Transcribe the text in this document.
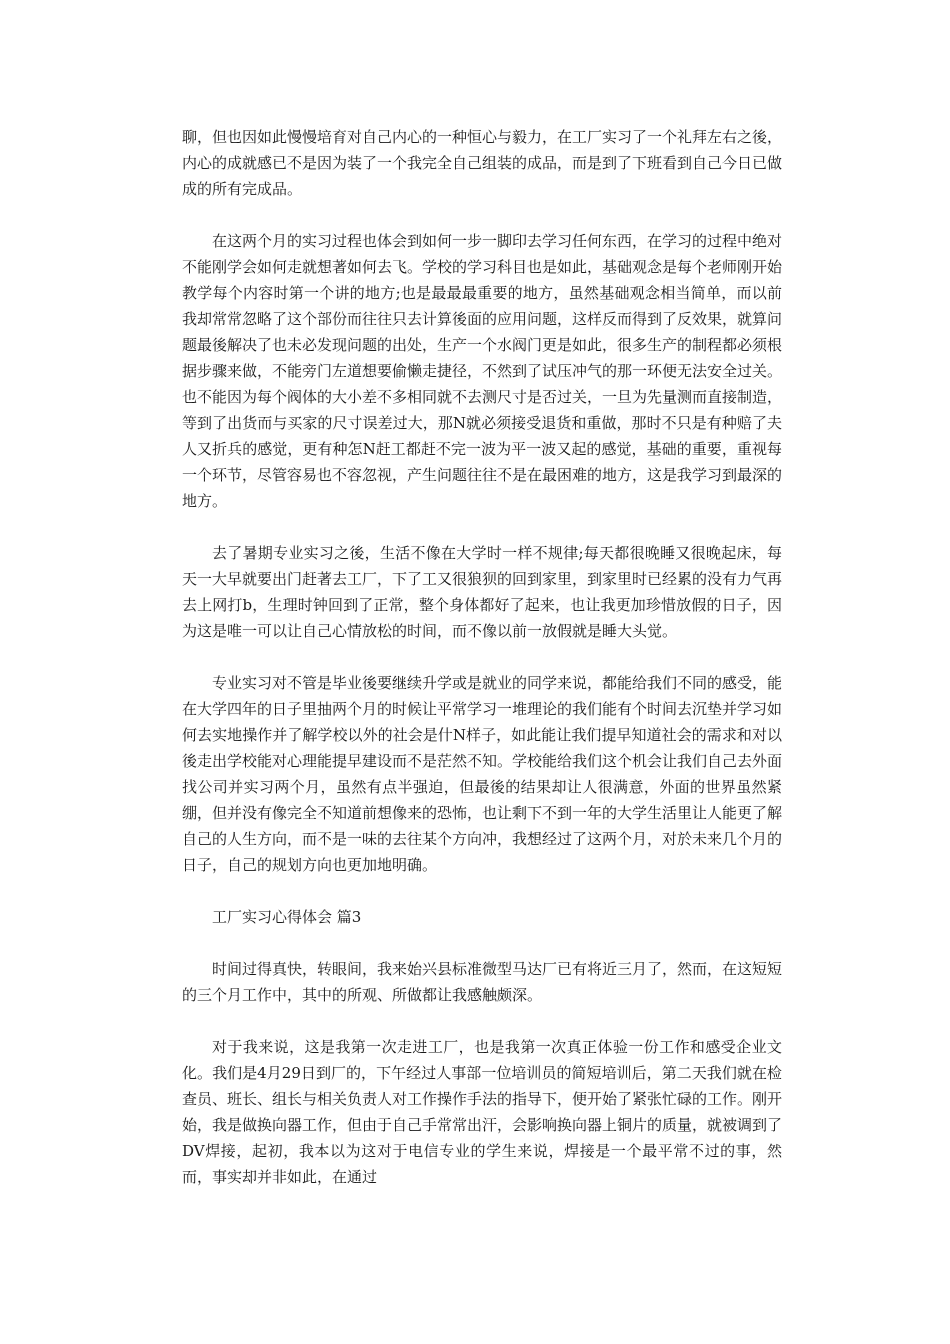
聊，但也因如此慢慢培育对自己内心的一种恒心与毅力，在工厂实习了一个礼拜左右之後，内心的成就感已不是因为装了一个我完全自己组装的成品，而是到了下班看到自己今日已做成的所有完成品。

在这两个月的实习过程也体会到如何一步一脚印去学习任何东西，在学习的过程中绝对不能刚学会如何走就想著如何去飞。学校的学习科目也是如此，基础观念是每个老师刚开始教学每个内容时第一个讲的地方;也是最最最重要的地方，虽然基础观念相当简单，而以前我却常常忽略了这个部份而往往只去计算後面的应用问题，这样反而得到了反效果，就算问题最後解决了也未必发现问题的出处，生产一个水阀门更是如此，很多生产的制程都必须根据步骤来做，不能旁门左道想要偷懒走捷径，不然到了试压冲气的那一环便无法安全过关。也不能因为每个阀体的大小差不多相同就不去测尺寸是否过关，一旦为先量测而直接制造，等到了出货而与买家的尺寸误差过大，那N就必须接受退货和重做，那时不只是有种赔了夫人又折兵的感觉，更有种怎N赶工都赶不完一波为平一波又起的感觉，基础的重要，重视每一个环节，尽管容易也不容忽视，产生问题往往不是在最困难的地方，这是我学习到最深的地方。

去了暑期专业实习之後，生活不像在大学时一样不规律;每天都很晚睡又很晚起床，每天一大早就要出门赶著去工厂，下了工又很狼狈的回到家里，到家里时已经累的没有力气再去上网打b，生理时钟回到了正常，整个身体都好了起来，也让我更加珍惜放假的日子，因为这是唯一可以让自己心情放松的时间，而不像以前一放假就是睡大头觉。

专业实习对不管是毕业後要继续升学或是就业的同学来说，都能给我们不同的感受，能在大学四年的日子里抽两个月的时候让平常学习一堆理论的我们能有个时间去沉垫并学习如何去实地操作并了解学校以外的社会是什N样子，如此能让我们提早知道社会的需求和对以後走出学校能对心理能提早建设而不是茫然不知。学校能给我们这个机会让我们自己去外面找公司并实习两个月，虽然有点半强迫，但最後的结果却让人很满意，外面的世界虽然紧绷，但并没有像完全不知道前想像来的恐怖，也让剩下不到一年的大学生活里让人能更了解自己的人生方向，而不是一味的去往某个方向冲，我想经过了这两个月，对於未来几个月的日子，自己的规划方向也更加地明确。

工厂实习心得体会 篇3

时间过得真快，转眼间，我来始兴县标准微型马达厂已有将近三月了，然而，在这短短的三个月工作中，其中的所观、所做都让我感触颇深。

对于我来说，这是我第一次走进工厂，也是我第一次真正体验一份工作和感受企业文化。我们是4月29日到厂的，下午经过人事部一位培训员的简短培训后，第二天我们就在检查员、班长、组长与相关负责人对工作操作手法的指导下，便开始了紧张忙碌的工作。刚开始，我是做换向器工作，但由于自己手常常出汗，会影响换向器上铜片的质量，就被调到了DV焊接，起初，我本以为这对于电信专业的学生来说，焊接是一个最平常不过的事，然而，事实却并非如此，在通过
